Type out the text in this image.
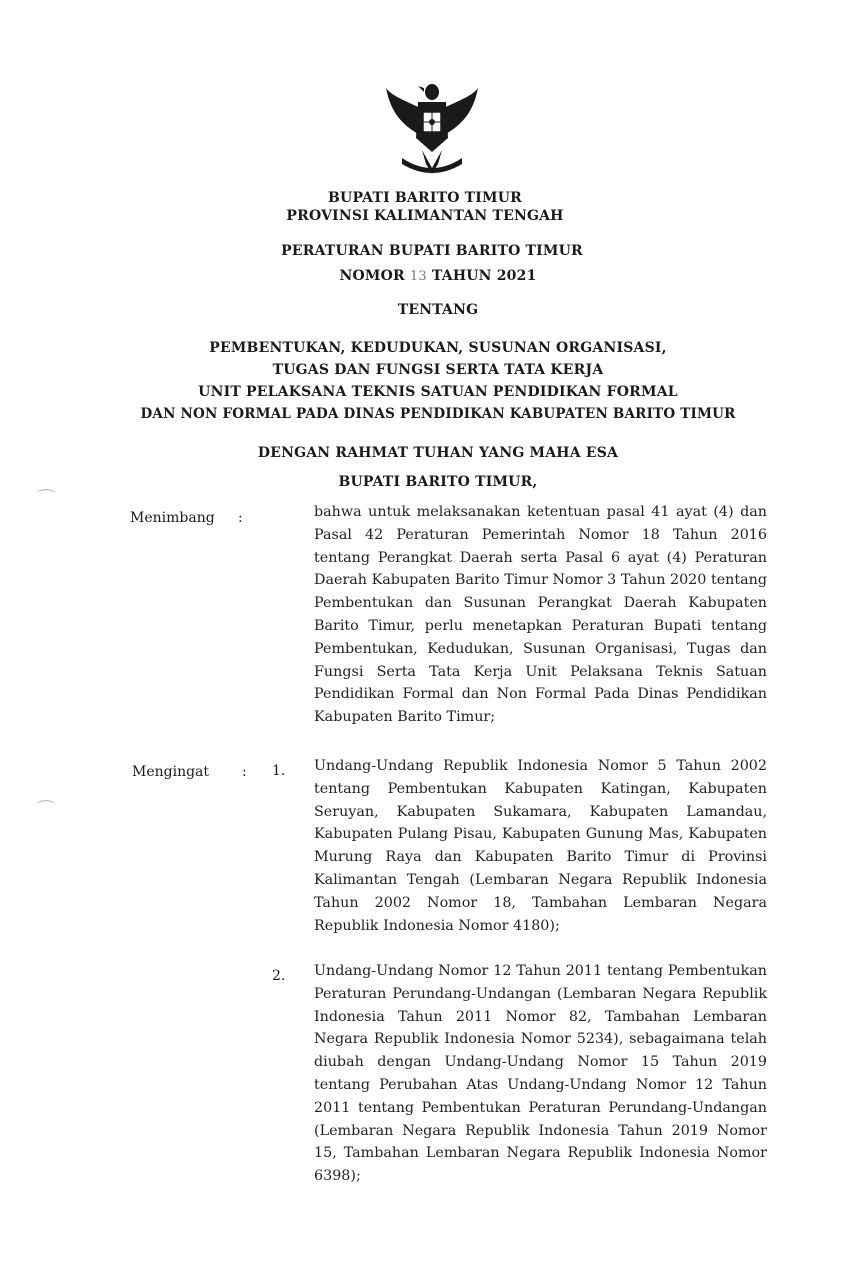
BUPATI BARITO TIMUR
PROVINSI KALIMANTAN TENGAH
PERATURAN BUPATI BARITO TIMUR
NOMOR 13 TAHUN 2021
TENTANG
PEMBENTUKAN, KEDUDUKAN, SUSUNAN ORGANISASI,
TUGAS DAN FUNGSI SERTA TATA KERJA
UNIT PELAKSANA TEKNIS SATUAN PENDIDIKAN FORMAL
DAN NON FORMAL PADA DINAS PENDIDIKAN KABUPATEN BARITO TIMUR
DENGAN RAHMAT TUHAN YANG MAHA ESA
BUPATI BARITO TIMUR,
⌒
⌒
Menimbang :	bahwa untuk melaksanakan ketentuan pasal 41 ayat (4) dan Pasal 42 Peraturan Pemerintah Nomor 18 Tahun 2016 tentang Perangkat Daerah serta Pasal 6 ayat (4) Peraturan Daerah Kabupaten Barito Timur Nomor 3 Tahun 2020 tentang Pembentukan dan Susunan Perangkat Daerah Kabupaten Barito Timur, perlu menetapkan Peraturan Bupati tentang Pembentukan, Kedudukan, Susunan Organisasi, Tugas dan Fungsi Serta Tata Kerja Unit Pelaksana Teknis Satuan Pendidikan Formal dan Non Formal Pada Dinas Pendidikan Kabupaten Barito Timur;
Mengingat : 1. Undang-Undang Republik Indonesia Nomor 5 Tahun 2002 tentang Pembentukan Kabupaten Katingan, Kabupaten Seruyan, Kabupaten Sukamara, Kabupaten Lamandau, Kabupaten Pulang Pisau, Kabupaten Gunung Mas, Kabupaten Murung Raya dan Kabupaten Barito Timur di Provinsi Kalimantan Tengah (Lembaran Negara Republik Indonesia Tahun 2002 Nomor 18, Tambahan Lembaran Negara Republik Indonesia Nomor 4180);
2. Undang-Undang Nomor 12 Tahun 2011 tentang Pembentukan Peraturan Perundang-Undangan (Lembaran Negara Republik Indonesia Tahun 2011 Nomor 82, Tambahan Lembaran Negara Republik Indonesia Nomor 5234), sebagaimana telah diubah dengan Undang-Undang Nomor 15 Tahun 2019 tentang Perubahan Atas Undang-Undang Nomor 12 Tahun 2011 tentang Pembentukan Peraturan Perundang-Undangan (Lembaran Negara Republik Indonesia Tahun 2019 Nomor 15, Tambahan Lembaran Negara Republik Indonesia Nomor 6398);
